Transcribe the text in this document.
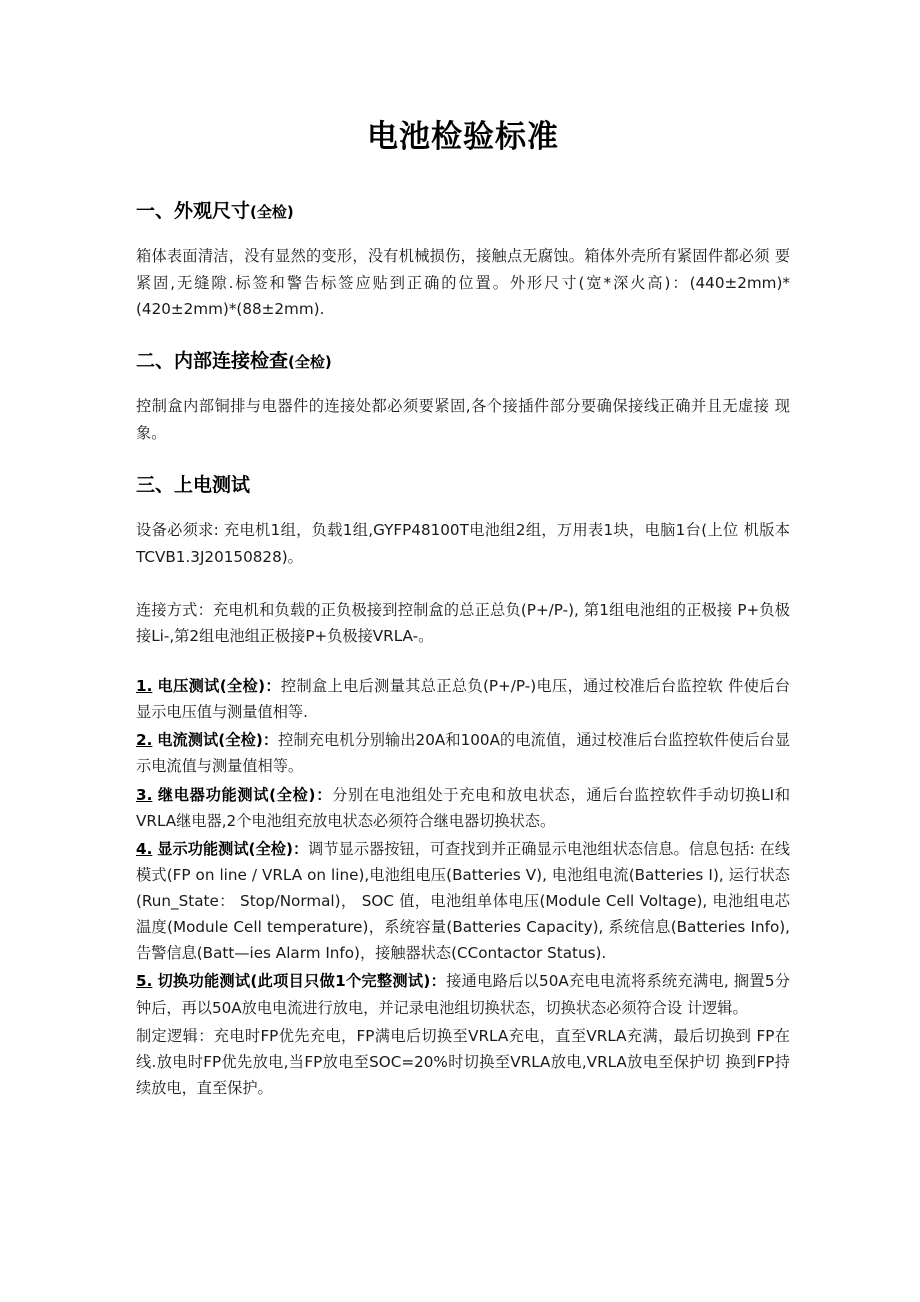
电池检验标准
一、外观尺寸(全检)

箱体表面清洁，没有显然的变形，没有机械损伤，接触点无腐蚀。箱体外壳所有紧固件都必须 要紧固,无缝隙.标签和警告标签应贴到正确的位置。外形尺寸(宽*深火高)：(440±2mm)* (420±2mm)*(88±2mm).

二、内部连接检查(全检)

控制盒内部铜排与电器件的连接处都必须要紧固,各个接插件部分要确保接线正确并且无虚接 现象。

三、上电测试

设备必须求: 充电机1组，负载1组,GYFP48100T电池组2组，万用表1块，电脑1台(上位 机版本 TCVB1.3J20150828)。

连接方式：充电机和负载的正负极接到控制盒的总正总负(P+/P-), 第1组电池组的正极接 P+负极接Li-,第2组电池组正极接P+负极接VRLA-。

1. 电压测试(全检)：控制盒上电后测量其总正总负(P+/P-)电压，通过校准后台监控软 件使后台显示电压值与测量值相等.
2. 电流测试(全检)：控制充电机分别输出20A和100A的电流值，通过校准后台监控软件使后台显示电流值与测量值相等。
3. 继电器功能测试(全检)：分别在电池组处于充电和放电状态，通后台监控软件手动切换LI和VRLA继电器,2个电池组充放电状态必须符合继电器切换状态。
4. 显示功能测试(全检)：调节显示器按钮，可查找到并正确显示电池组状态信息。信息包括: 在线模式(FP on line / VRLA on line),电池组电压(Batteries V), 电池组电流(Batteries Ⅰ), 运行状态(Run_State： Stop/Normal)， SOC 值，电池组单体电压(Module Cell Voltage), 电池组电芯温度(Module Cell temperature)，系统容量(Batteries Capacity), 系统信息(Batteries Info), 告警信息(Batt—ies Alarm Info)，接触器状态(CContactor Status).
5. 切换功能测试(此项目只做1个完整测试)：接通电路后以50A充电电流将系统充满电, 搁置5分钟后，再以50A放电电流进行放电，并记录电池组切换状态，切换状态必须符合设 计逻辑。

制定逻辑：充电时FP优先充电，FP满电后切换至VRLA充电，直至VRLA充满，最后切换到 FP在线.放电时FP优先放电,当FP放电至SOC=20%时切换至VRLA放电,VRLA放电至保护切 换到FP持续放电，直至保护。
